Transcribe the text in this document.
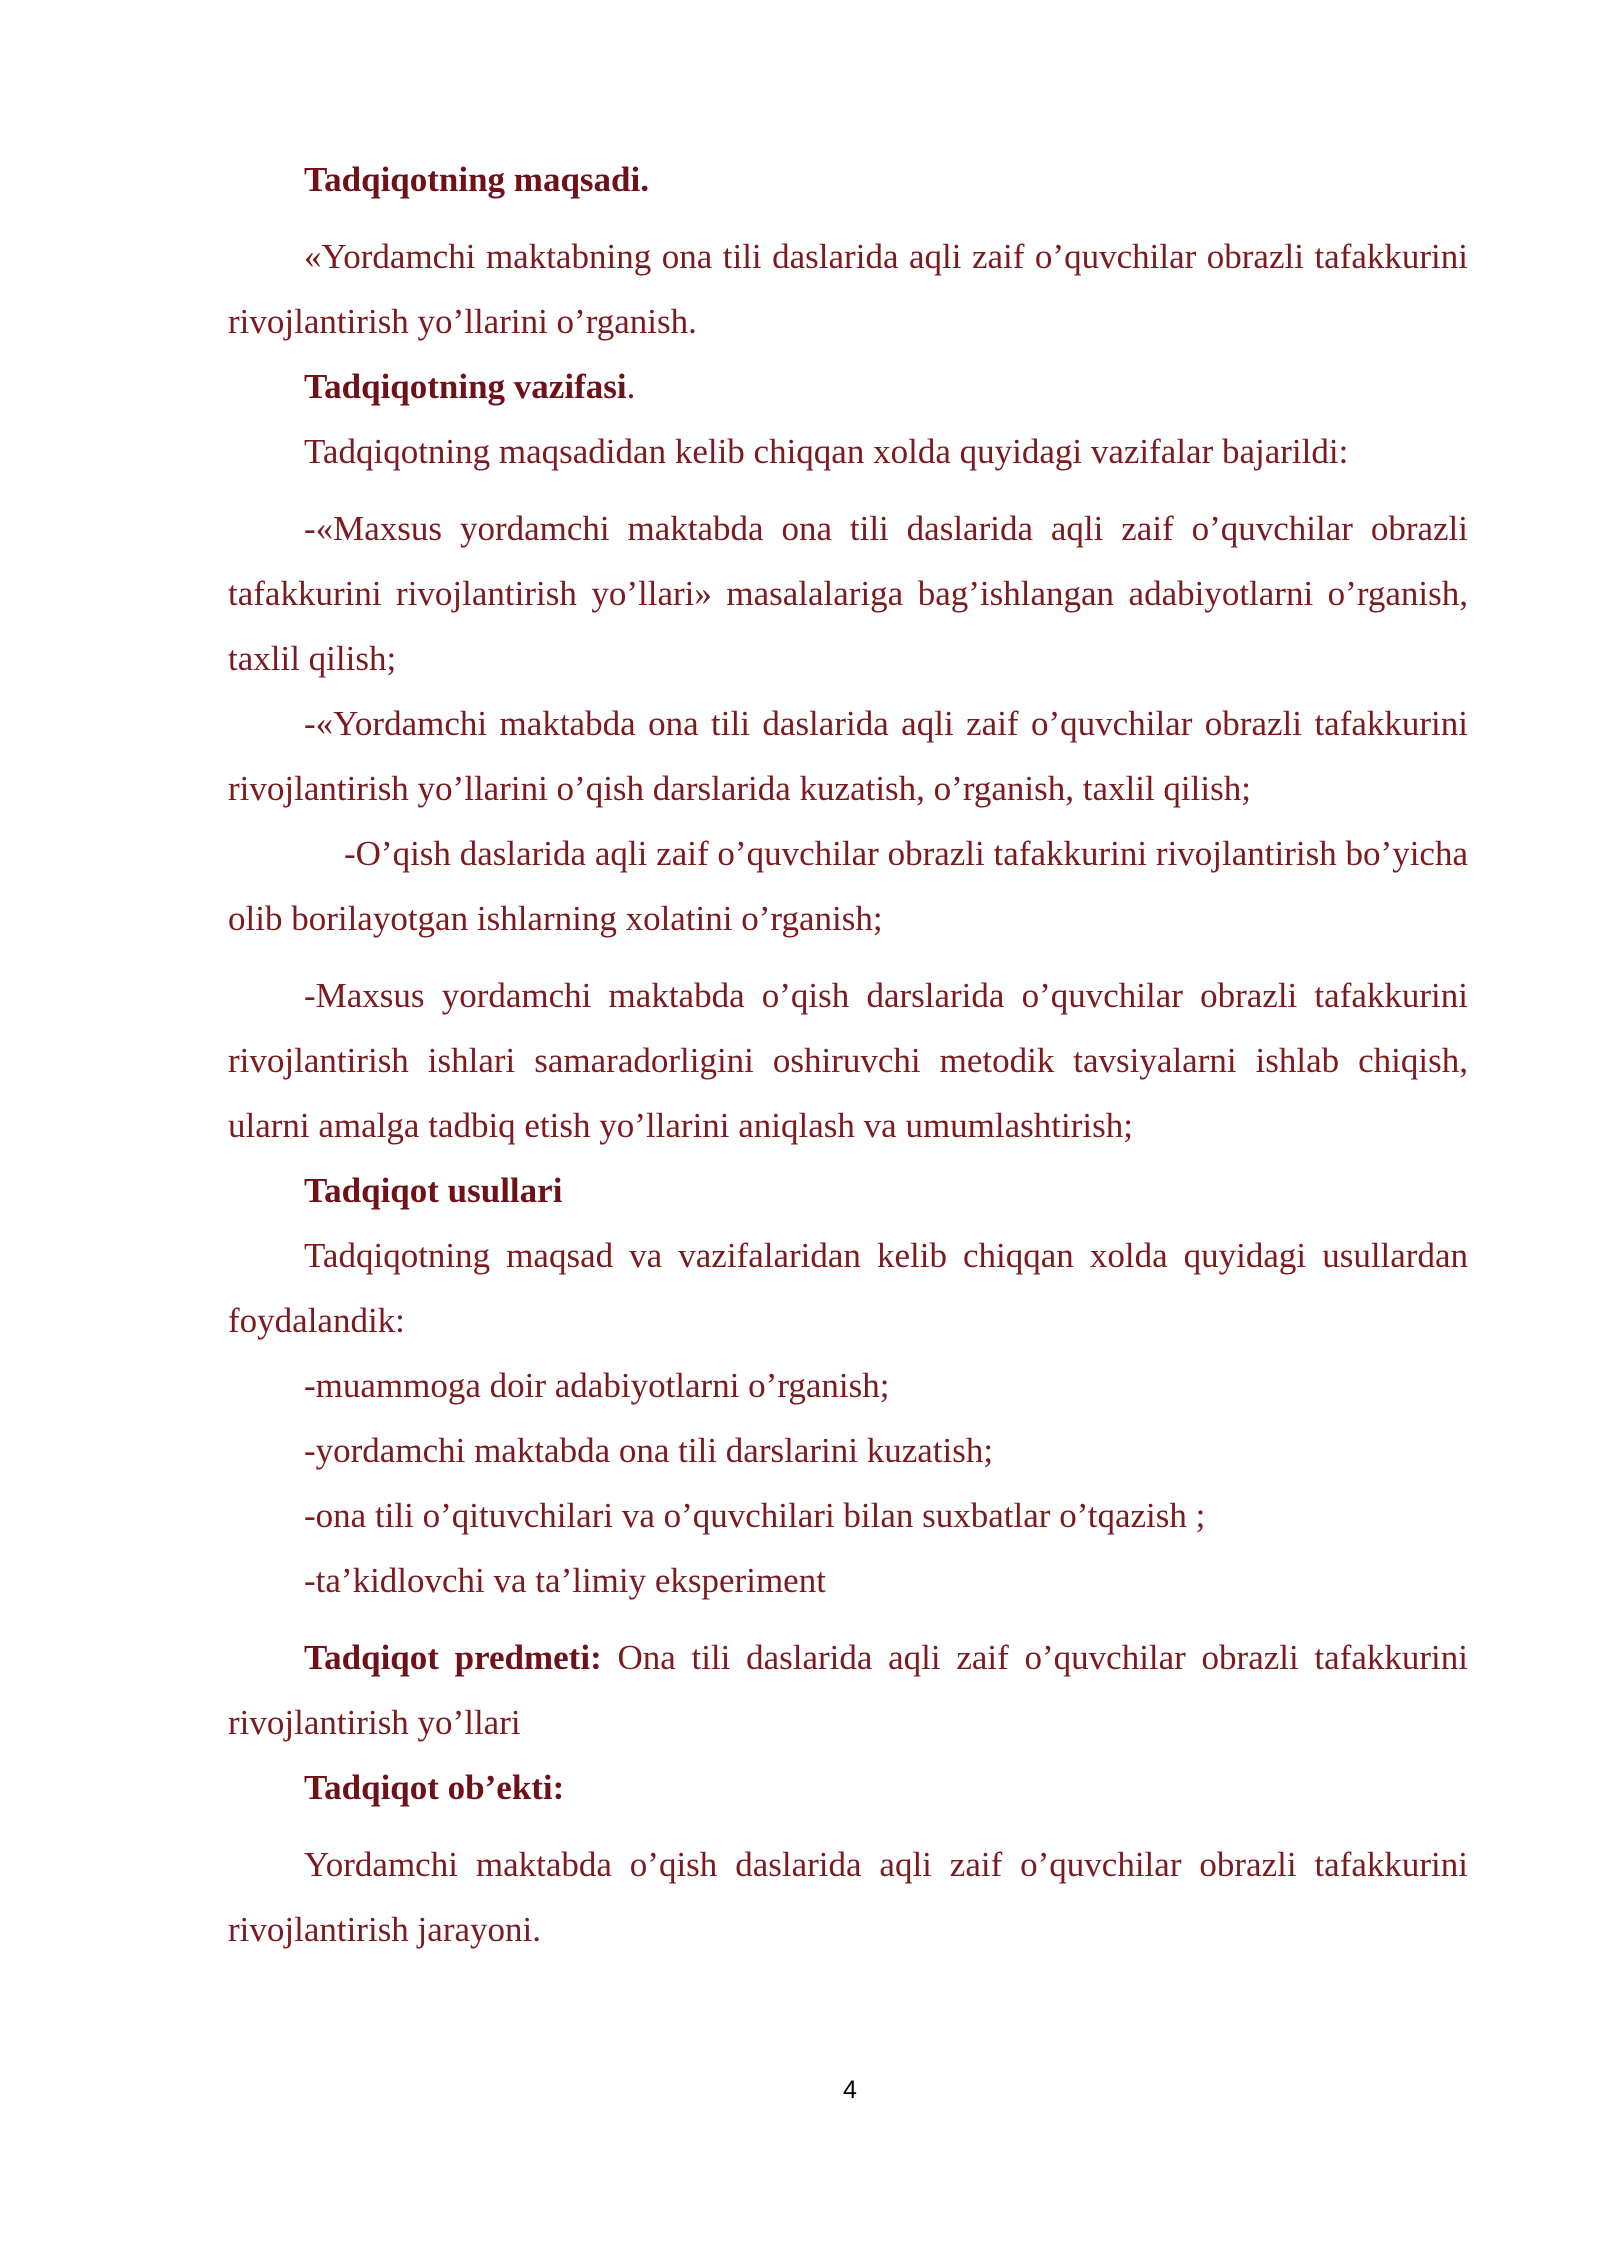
Tadqiqotning maqsadi.

«Yordamchi maktabning ona tili daslarida aqli zaif o’quvchilar obrazli tafakkurini rivojlantirish yo’llarini o’rganish.

Tadqiqotning vazifasi.

Tadqiqotning maqsadidan kelib chiqqan xolda quyidagi vazifalar bajarildi:

-«Maxsus yordamchi maktabda ona tili daslarida aqli zaif o’quvchilar obrazli tafakkurini rivojlantirish yo’llari» masalalariga bag’ishlangan adabiyotlarni o’rganish, taxlil qilish;

-«Yordamchi maktabda ona tili daslarida aqli zaif o’quvchilar obrazli tafakkurini rivojlantirish yo’llarini o’qish darslarida kuzatish, o’rganish, taxlil qilish;

-O’qish daslarida aqli zaif o’quvchilar obrazli tafakkurini rivojlantirish bo’yicha olib borilayotgan ishlarning xolatini o’rganish;

-Maxsus yordamchi maktabda o’qish darslarida o’quvchilar obrazli tafakkurini rivojlantirish ishlari samaradorligini oshiruvchi metodik tavsiyalarni ishlab chiqish, ularni amalga tadbiq etish yo’llarini aniqlash va umumlashtirish;

Tadqiqot usullari

Tadqiqotning maqsad va vazifalaridan kelib chiqqan xolda quyidagi usullardan foydalandik:

-muammoga doir adabiyotlarni o’rganish;

-yordamchi maktabda ona tili darslarini kuzatish;

-ona tili o’qituvchilari va o’quvchilari bilan suxbatlar o’tqazish ;

-ta’kidlovchi va ta’limiy eksperiment

Tadqiqot predmeti: Ona tili daslarida aqli zaif o’quvchilar obrazli tafakkurini rivojlantirish yo’llari

Tadqiqot ob’ekti:

Yordamchi maktabda o’qish daslarida aqli zaif o’quvchilar obrazli tafakkurini rivojlantirish jarayoni.

4
